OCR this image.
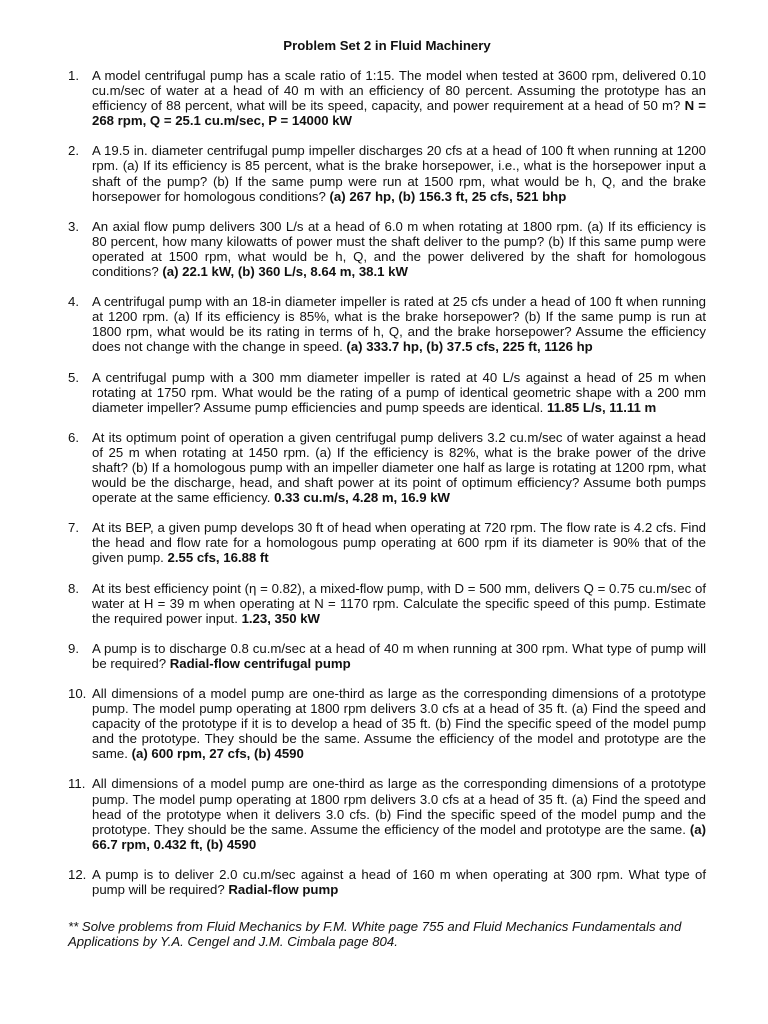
Problem Set 2 in Fluid Machinery
1. A model centrifugal pump has a scale ratio of 1:15. The model when tested at 3600 rpm, delivered 0.10 cu.m/sec of water at a head of 40 m with an efficiency of 80 percent. Assuming the prototype has an efficiency of 88 percent, what will be its speed, capacity, and power requirement at a head of 50 m? N = 268 rpm, Q = 25.1 cu.m/sec, P = 14000 kW
2. A 19.5 in. diameter centrifugal pump impeller discharges 20 cfs at a head of 100 ft when running at 1200 rpm. (a) If its efficiency is 85 percent, what is the brake horsepower, i.e., what is the horsepower input a shaft of the pump? (b) If the same pump were run at 1500 rpm, what would be h, Q, and the brake horsepower for homologous conditions? (a) 267 hp, (b) 156.3 ft, 25 cfs, 521 bhp
3. An axial flow pump delivers 300 L/s at a head of 6.0 m when rotating at 1800 rpm. (a) If its efficiency is 80 percent, how many kilowatts of power must the shaft deliver to the pump? (b) If this same pump were operated at 1500 rpm, what would be h, Q, and the power delivered by the shaft for homologous conditions? (a) 22.1 kW, (b) 360 L/s, 8.64 m, 38.1 kW
4. A centrifugal pump with an 18-in diameter impeller is rated at 25 cfs under a head of 100 ft when running at 1200 rpm. (a) If its efficiency is 85%, what is the brake horsepower? (b) If the same pump is run at 1800 rpm, what would be its rating in terms of h, Q, and the brake horsepower? Assume the efficiency does not change with the change in speed. (a) 333.7 hp, (b) 37.5 cfs, 225 ft, 1126 hp
5. A centrifugal pump with a 300 mm diameter impeller is rated at 40 L/s against a head of 25 m when rotating at 1750 rpm. What would be the rating of a pump of identical geometric shape with a 200 mm diameter impeller? Assume pump efficiencies and pump speeds are identical. 11.85 L/s, 11.11 m
6. At its optimum point of operation a given centrifugal pump delivers 3.2 cu.m/sec of water against a head of 25 m when rotating at 1450 rpm. (a) If the efficiency is 82%, what is the brake power of the drive shaft? (b) If a homologous pump with an impeller diameter one half as large is rotating at 1200 rpm, what would be the discharge, head, and shaft power at its point of optimum efficiency? Assume both pumps operate at the same efficiency. 0.33 cu.m/s, 4.28 m, 16.9 kW
7. At its BEP, a given pump develops 30 ft of head when operating at 720 rpm. The flow rate is 4.2 cfs. Find the head and flow rate for a homologous pump operating at 600 rpm if its diameter is 90% that of the given pump. 2.55 cfs, 16.88 ft
8. At its best efficiency point (η = 0.82), a mixed-flow pump, with D = 500 mm, delivers Q = 0.75 cu.m/sec of water at H = 39 m when operating at N = 1170 rpm. Calculate the specific speed of this pump. Estimate the required power input. 1.23, 350 kW
9. A pump is to discharge 0.8 cu.m/sec at a head of 40 m when running at 300 rpm. What type of pump will be required? Radial-flow centrifugal pump
10. All dimensions of a model pump are one-third as large as the corresponding dimensions of a prototype pump. The model pump operating at 1800 rpm delivers 3.0 cfs at a head of 35 ft. (a) Find the speed and capacity of the prototype if it is to develop a head of 35 ft. (b) Find the specific speed of the model pump and the prototype. They should be the same. Assume the efficiency of the model and prototype are the same. (a) 600 rpm, 27 cfs, (b) 4590
11. All dimensions of a model pump are one-third as large as the corresponding dimensions of a prototype pump. The model pump operating at 1800 rpm delivers 3.0 cfs at a head of 35 ft. (a) Find the speed and head of the prototype when it delivers 3.0 cfs. (b) Find the specific speed of the model pump and the prototype. They should be the same. Assume the efficiency of the model and prototype are the same. (a) 66.7 rpm, 0.432 ft, (b) 4590
12. A pump is to deliver 2.0 cu.m/sec against a head of 160 m when operating at 300 rpm. What type of pump will be required? Radial-flow pump

** Solve problems from Fluid Mechanics by F.M. White page 755 and Fluid Mechanics Fundamentals and Applications by Y.A. Cengel and J.M. Cimbala page 804.
